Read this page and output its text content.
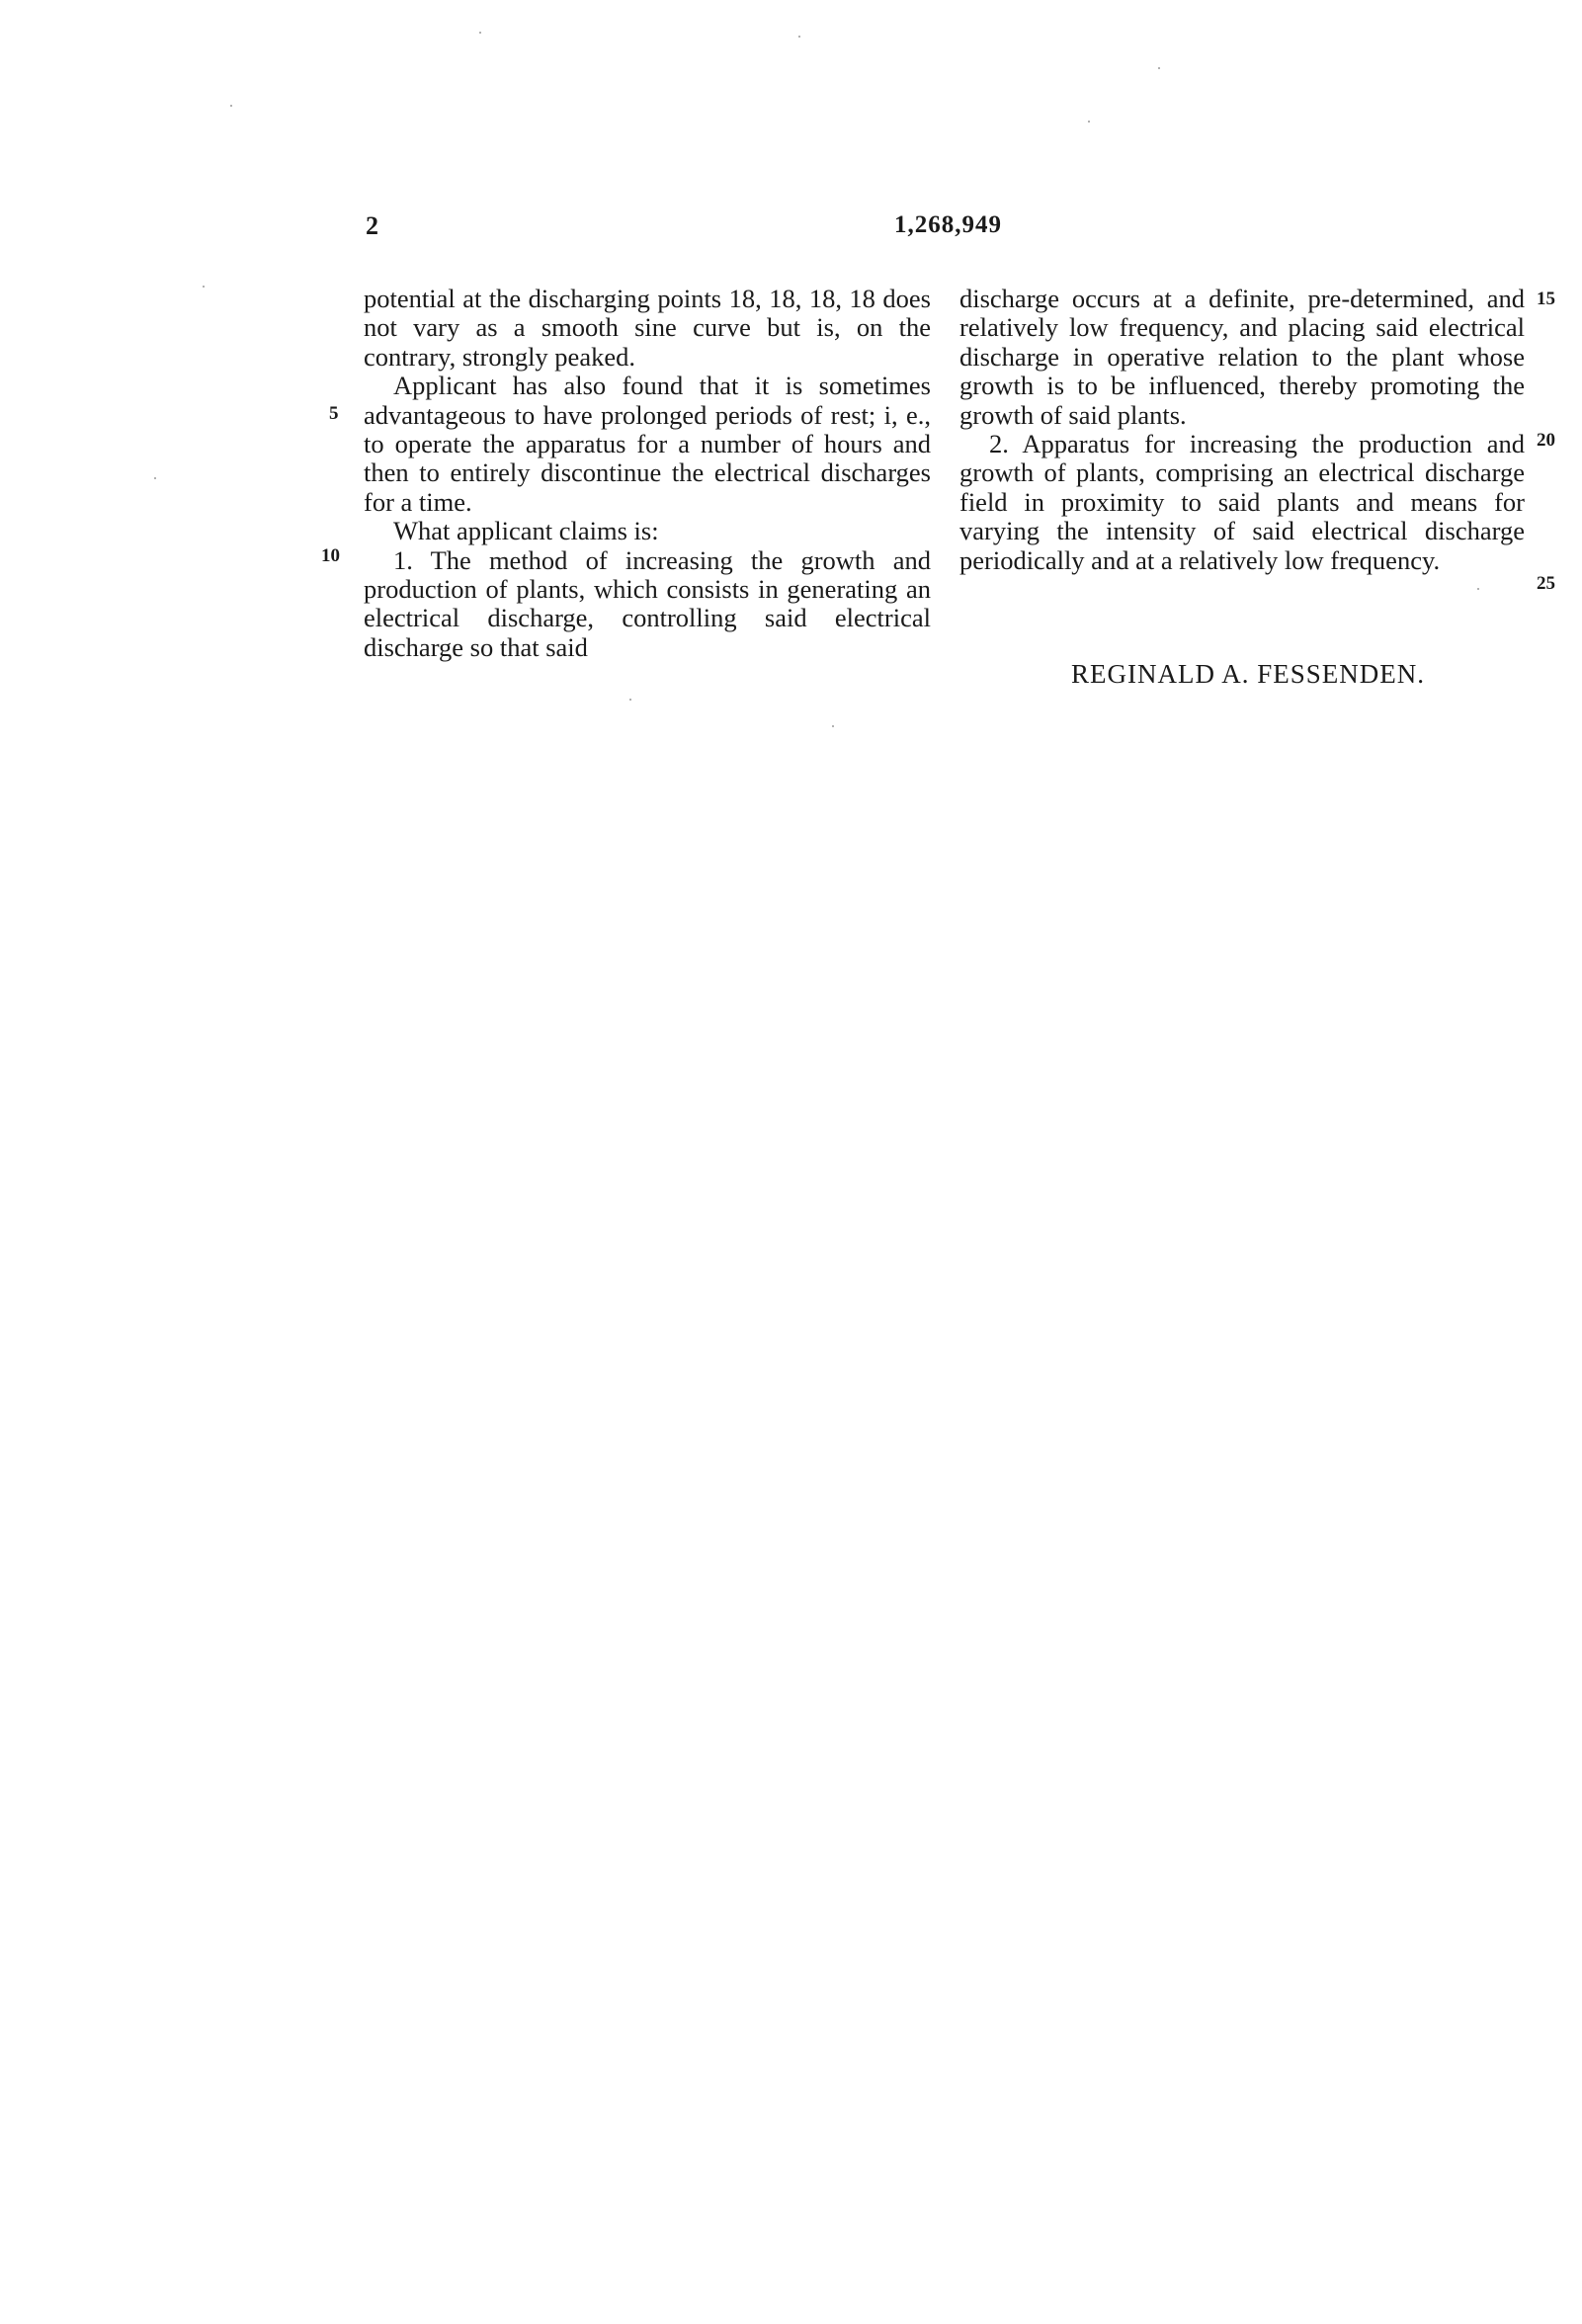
2	1,268,949

potential at the discharging points 18, 18, 18, 18 does not vary as a smooth sine curve but is, on the contrary, strongly peaked.

Applicant has also found that it is sometimes advantageous to have prolonged periods of rest; i, e., to operate the apparatus for a number of hours and then to entirely discontinue the electrical discharges for a time.

What applicant claims is:

1. The method of increasing the growth and production of plants, which consists in generating an electrical discharge, controlling said electrical discharge so that said

discharge occurs at a definite, pre-determined, and relatively low frequency, and placing said electrical discharge in operative relation to the plant whose growth is to be influenced, thereby promoting the growth of said plants.

2. Apparatus for increasing the production and growth of plants, comprising an electrical discharge field in proximity to said plants and means for varying the intensity of said electrical discharge periodically and at a relatively low frequency.

5
10
15
20
25
REGINALD A. FESSENDEN.
